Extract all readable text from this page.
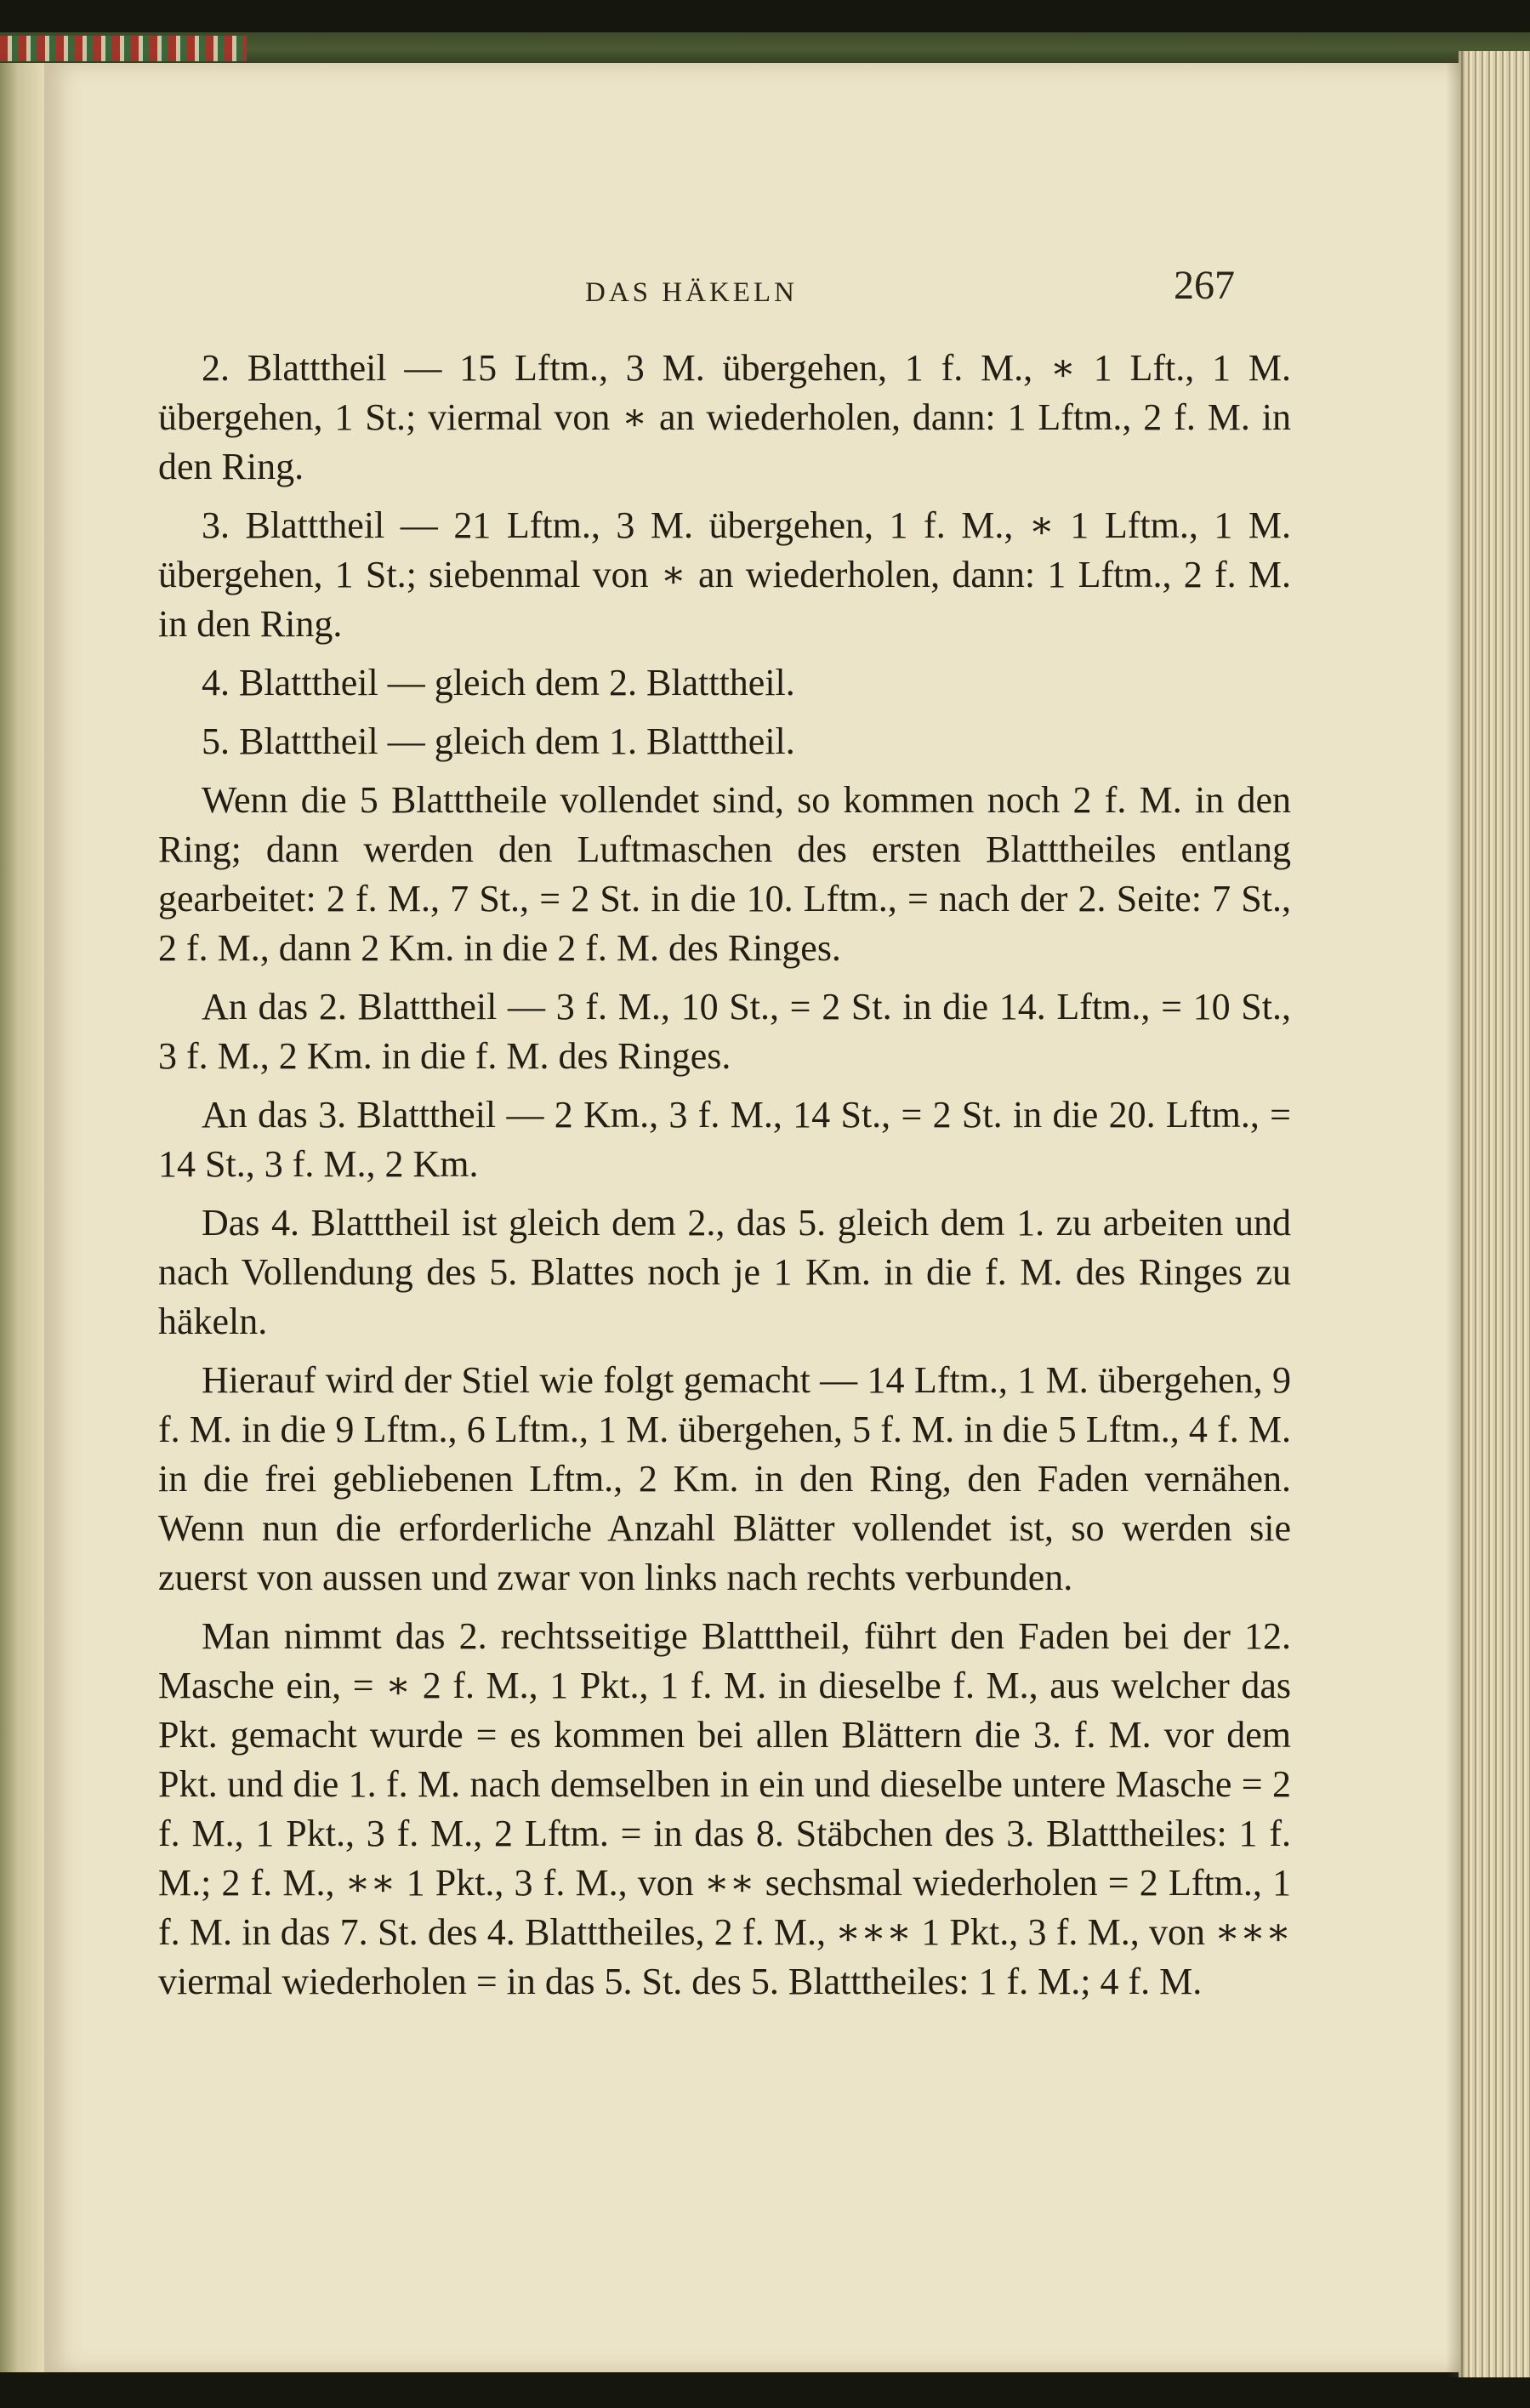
DAS HÄKELN	267

2. Blatttheil — 15 Lftm., 3 M. übergehen, 1 f. M., ∗ 1 Lft., 1 M. übergehen, 1 St.; viermal von ∗ an wiederholen, dann: 1 Lftm., 2 f. M. in den Ring.

3. Blatttheil — 21 Lftm., 3 M. übergehen, 1 f. M., ∗ 1 Lftm., 1 M. übergehen, 1 St.; siebenmal von ∗ an wiederholen, dann: 1 Lftm., 2 f. M. in den Ring.

4. Blatttheil — gleich dem 2. Blatttheil.

5. Blatttheil — gleich dem 1. Blatttheil.

Wenn die 5 Blatttheile vollendet sind, so kommen noch 2 f. M. in den Ring; dann werden den Luftmaschen des ersten Blatttheiles entlang gearbeitet: 2 f. M., 7 St., = 2 St. in die 10. Lftm., = nach der 2. Seite: 7 St., 2 f. M., dann 2 Km. in die 2 f. M. des Ringes.

An das 2. Blatttheil — 3 f. M., 10 St., = 2 St. in die 14. Lftm., = 10 St., 3 f. M., 2 Km. in die f. M. des Ringes.

An das 3. Blatttheil — 2 Km., 3 f. M., 14 St., = 2 St. in die 20. Lftm., = 14 St., 3 f. M., 2 Km.

Das 4. Blatttheil ist gleich dem 2., das 5. gleich dem 1. zu arbeiten und nach Vollendung des 5. Blattes noch je 1 Km. in die f. M. des Ringes zu häkeln.

Hierauf wird der Stiel wie folgt gemacht — 14 Lftm., 1 M. übergehen, 9 f. M. in die 9 Lftm., 6 Lftm., 1 M. übergehen, 5 f. M. in die 5 Lftm., 4 f. M. in die frei gebliebenen Lftm., 2 Km. in den Ring, den Faden vernähen. Wenn nun die erforderliche Anzahl Blätter vollendet ist, so werden sie zuerst von aussen und zwar von links nach rechts verbunden.

Man nimmt das 2. rechtsseitige Blatttheil, führt den Faden bei der 12. Masche ein, = ∗ 2 f. M., 1 Pkt., 1 f. M. in dieselbe f. M., aus welcher das Pkt. gemacht wurde = es kommen bei allen Blättern die 3. f. M. vor dem Pkt. und die 1. f. M. nach demselben in ein und dieselbe untere Masche = 2 f. M., 1 Pkt., 3 f. M., 2 Lftm. = in das 8. Stäbchen des 3. Blatttheiles: 1 f. M.; 2 f. M., ∗∗ 1 Pkt., 3 f. M., von ∗∗ sechsmal wiederholen = 2 Lftm., 1 f. M. in das 7. St. des 4. Blatttheiles, 2 f. M., ∗∗∗ 1 Pkt., 3 f. M., von ∗∗∗ viermal wiederholen = in das 5. St. des 5. Blatttheiles: 1 f. M.; 4 f. M.
